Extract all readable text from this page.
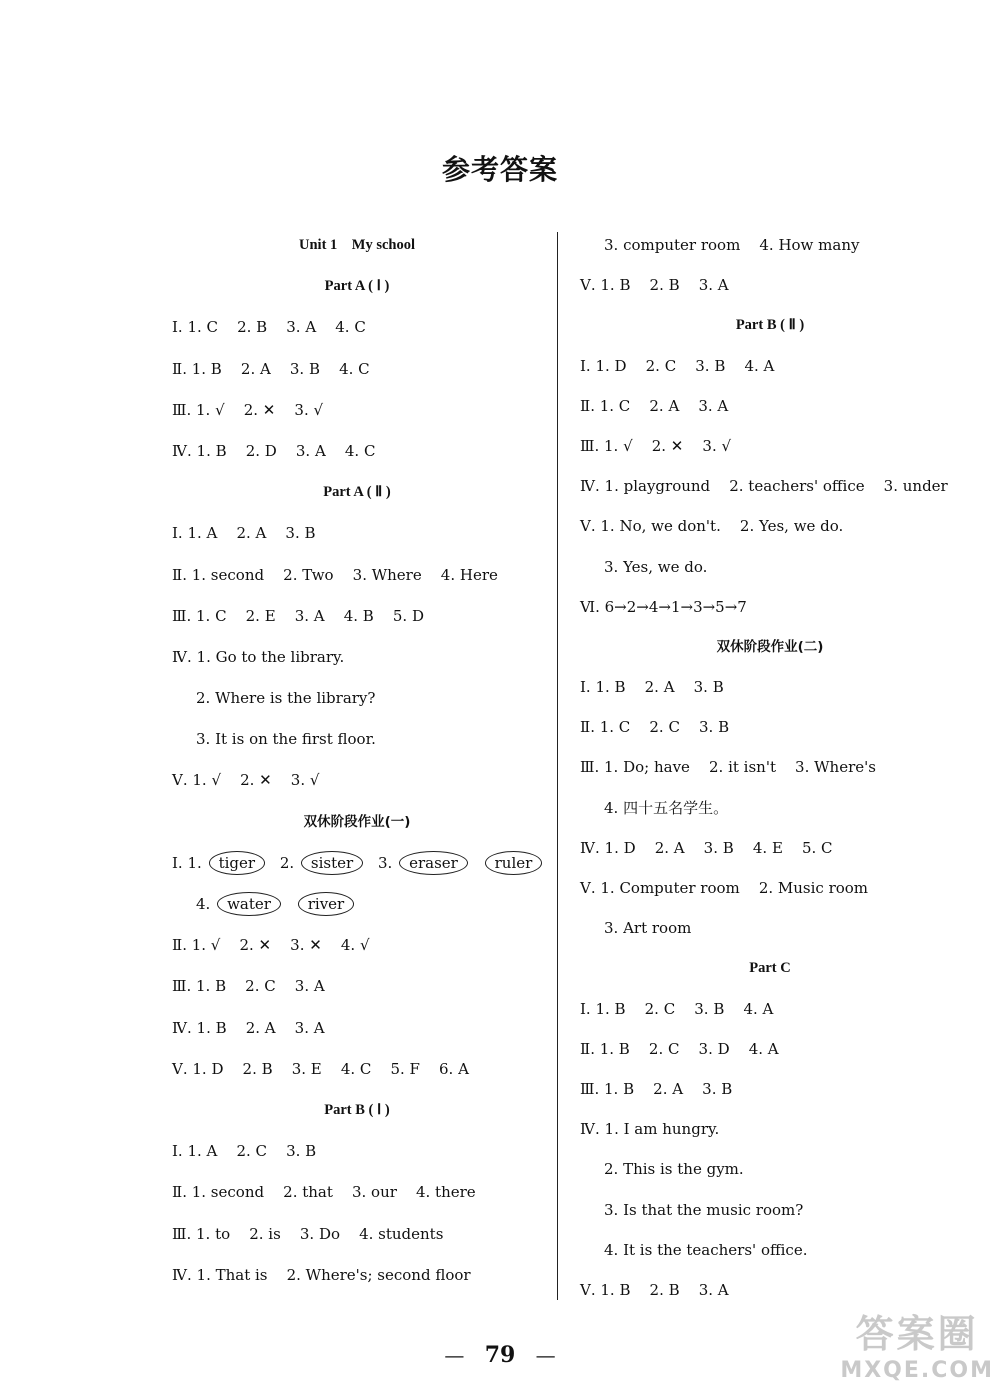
参考答案
Unit 1    My school
Part A ( Ⅰ )
Ⅰ. 1. C    2. B    3. A    4. C
Ⅱ. 1. B    2. A    3. B    4. C
Ⅲ. 1. √    2. ✕    3. √
Ⅳ. 1. B    2. D    3. A    4. C
Part A ( Ⅱ )
Ⅰ. 1. A    2. A    3. B
Ⅱ. 1. second    2. Two    3. Where    4. Here
Ⅲ. 1. C    2. E    3. A    4. B    5. D
Ⅳ. 1. Go to the library.
2. Where is the library?
3. It is on the first floor.
Ⅴ. 1. √    2. ✕    3. √
双休阶段作业(一)
Ⅰ. 1. tiger 2. sister 3. eraser ruler
4. water river
Ⅱ. 1. √    2. ✕    3. ✕    4. √
Ⅲ. 1. B    2. C    3. A
Ⅳ. 1. B    2. A    3. A
Ⅴ. 1. D    2. B    3. E    4. C    5. F    6. A
Part B ( Ⅰ )
Ⅰ. 1. A    2. C    3. B
Ⅱ. 1. second    2. that    3. our    4. there
Ⅲ. 1. to    2. is    3. Do    4. students
Ⅳ. 1. That is    2. Where's; second floor
3. computer room    4. How many
Ⅴ. 1. B    2. B    3. A
Part B ( Ⅱ )
Ⅰ. 1. D    2. C    3. B    4. A
Ⅱ. 1. C    2. A    3. A
Ⅲ. 1. √    2. ✕    3. √
Ⅳ. 1. playground    2. teachers' office    3. under
Ⅴ. 1. No, we don't.    2. Yes, we do.
3. Yes, we do.
Ⅵ. 6→2→4→1→3→5→7
双休阶段作业(二)
Ⅰ. 1. B    2. A    3. B
Ⅱ. 1. C    2. C    3. B
Ⅲ. 1. Do; have    2. it isn't    3. Where's
4. 四十五名学生。
Ⅳ. 1. D    2. A    3. B    4. E    5. C
Ⅴ. 1. Computer room    2. Music room
3. Art room
Part C
Ⅰ. 1. B    2. C    3. B    4. A
Ⅱ. 1. B    2. C    3. D    4. A
Ⅲ. 1. B    2. A    3. B
Ⅳ. 1. I am hungry.
2. This is the gym.
3. Is that the music room?
4. It is the teachers' office.
Ⅴ. 1. B    2. B    3. A
— 79 —	答案圈
MXQE.COM
